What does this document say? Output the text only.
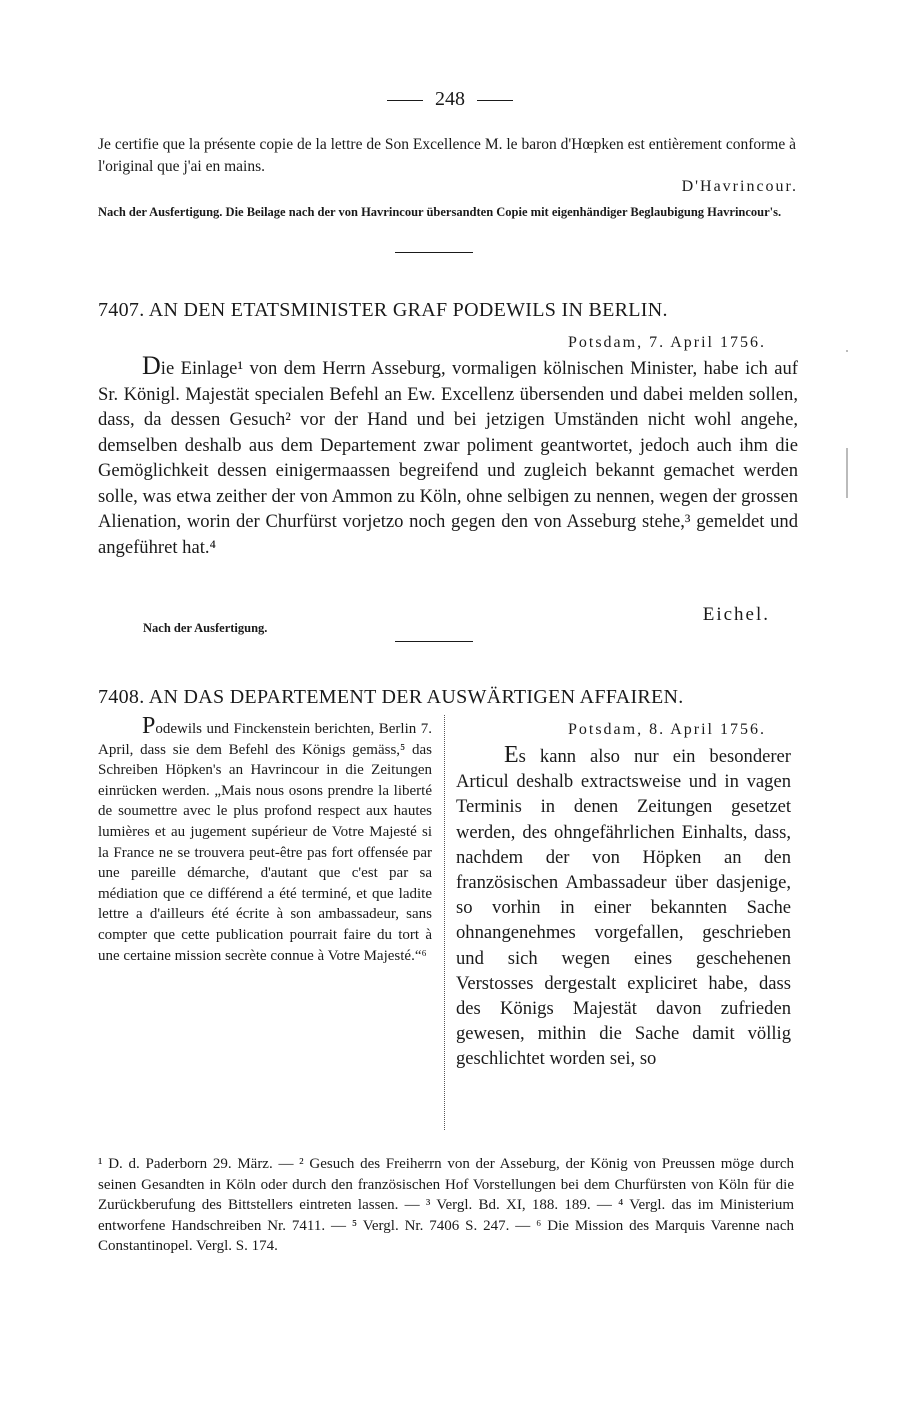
248
Je certifie que la présente copie de la lettre de Son Excellence M. le baron d'Hœpken est entièrement conforme à l'original que j'ai en mains.
D'Havrincour.
Nach der Ausfertigung. Die Beilage nach der von Havrincour übersandten Copie mit eigenhändiger Beglaubigung Havrincour's.
7407. AN DEN ETATSMINISTER GRAF PODEWILS IN BERLIN.
Potsdam, 7. April 1756.
Die Einlage¹ von dem Herrn Asseburg, vormaligen kölnischen Minister, habe ich auf Sr. Königl. Majestät specialen Befehl an Ew. Excellenz übersenden und dabei melden sollen, dass, da dessen Gesuch² vor der Hand und bei jetzigen Umständen nicht wohl angehe, demselben deshalb aus dem Departement zwar poliment geantwortet, jedoch auch ihm die Gemöglichkeit dessen einigermaassen begreifend und zugleich bekannt gemachet werden solle, was etwa zeither der von Ammon zu Köln, ohne selbigen zu nennen, wegen der grossen Alienation, worin der Churfürst vorjetzo noch gegen den von Asseburg stehe,³ gemeldet und angeführet hat.⁴
Eichel.
Nach der Ausfertigung.
7408. AN DAS DEPARTEMENT DER AUSWÄRTIGEN AFFAIREN.
Podewils und Finckenstein berichten, Berlin 7. April, dass sie dem Befehl des Königs gemäss,⁵ das Schreiben Höpken's an Havrincour in die Zeitungen einrücken werden. „Mais nous osons prendre la liberté de soumettre avec le plus profond respect aux hautes lumières et au jugement supérieur de Votre Majesté si la France ne se trouvera peut-être pas fort offensée par une pareille démarche, d'autant que c'est par sa médiation que ce différend a été terminé, et que ladite lettre a d'ailleurs été écrite à son ambassadeur, sans compter que cette publication pourrait faire du tort à une certaine mission secrète connue à Votre Majesté.“⁶
Potsdam, 8. April 1756.
Es kann also nur ein besonderer Articul deshalb extractsweise und in vagen Terminis in denen Zeitungen gesetzet werden, des ohngefährlichen Einhalts, dass, nachdem der von Höpken an den französischen Ambassadeur über dasjenige, so vorhin in einer bekannten Sache ohnangenehmes vorgefallen, geschrieben und sich wegen eines geschehenen Verstosses dergestalt expliciret habe, dass des Königs Majestät davon zufrieden gewesen, mithin die Sache damit völlig geschlichtet worden sei, so
¹ D. d. Paderborn 29. März. — ² Gesuch des Freiherrn von der Asseburg, der König von Preussen möge durch seinen Gesandten in Köln oder durch den französischen Hof Vorstellungen bei dem Churfürsten von Köln für die Zurückberufung des Bittstellers eintreten lassen. — ³ Vergl. Bd. XI, 188. 189. — ⁴ Vergl. das im Ministerium entworfene Handschreiben Nr. 7411. — ⁵ Vergl. Nr. 7406 S. 247. — ⁶ Die Mission des Marquis Varenne nach Constantinopel. Vergl. S. 174.
